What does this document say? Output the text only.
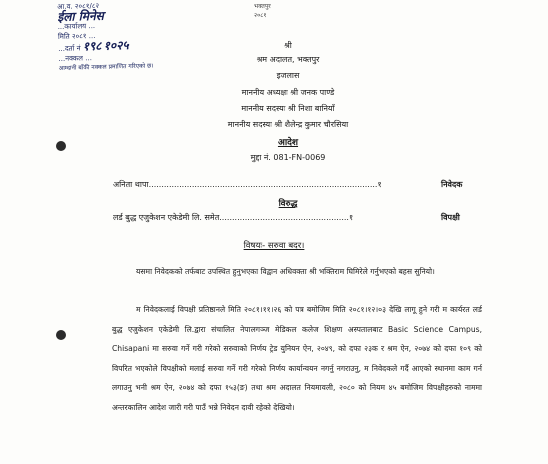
आ.व. २०८१/८२
ईला मिनेस
...कार्यालय ...
मिति २०८१ ...
...दर्ता नं १९८ १०२५
...नक्कल ...
आम्दानी बाँकी नक्कल प्रमाणित गरिएको छ।
भक्तपुर
२०८१
श्री
श्रम अदालत, भक्तपुर
इजलास
माननीय अध्यक्षः श्री जनक पाण्डे
माननीय सदस्यः श्री निशा बानियाँ
माननीय सदस्यः श्री शैलेन्द्र कुमार चौरसिया
आदेश
मुद्दा नं. 081-FN-0069
अनिता थापा..........................................................................................१	निवेदक
विरुद्ध
लर्ड बुद्ध एजुकेशन एकेडेमी लि. समेत...................................................१	विपक्षी
विषयः- सरुवा बदर।
यसमा निवेदकको तर्फबाट उपस्थित हुनुभएका विद्वान अधिवक्ता श्री भक्तिराम घिमिरेले गर्नुभएको बहस सुनियो।
म निवेदकलाई विपक्षी प्रतिष्ठानले मिति २०८१।११।२६ को पत्र बमोजिम मिति २०८१।१२।०३ देखि लागू हुने गरी म कार्यरत लर्ड बुद्ध एजुकेशन एकेडेमी लि.द्वारा संचालित नेपालगञ्ज मेडिकल कलेज शिक्षण अस्पतालबाट Basic Science Campus, Chisapani मा सरुवा गर्ने गरी गरेको सरुवाको निर्णय ट्रेड युनियन ऐन, २०४९, को दफा २३क र श्रम ऐन, २०७४ को दफा १०९ को विपरित भएकोले विपक्षीको मलाई सरुवा गर्ने गरी गरेको निर्णय कार्यान्वयन नगर्नु नगराउनु, म निवेदकले गर्दै आएको स्थानमा काम गर्न लगाउनु भनी श्रम ऐन, २०७४ को दफा १५३(ङ) तथा श्रम अदालत नियमावली, २०८० को नियम ४५ बमोजिम विपक्षीहरुको नाममा अन्तरकालिन आदेश जारी गरी पाउँ भन्ने निवेदन दावी रहेको देखियो।
